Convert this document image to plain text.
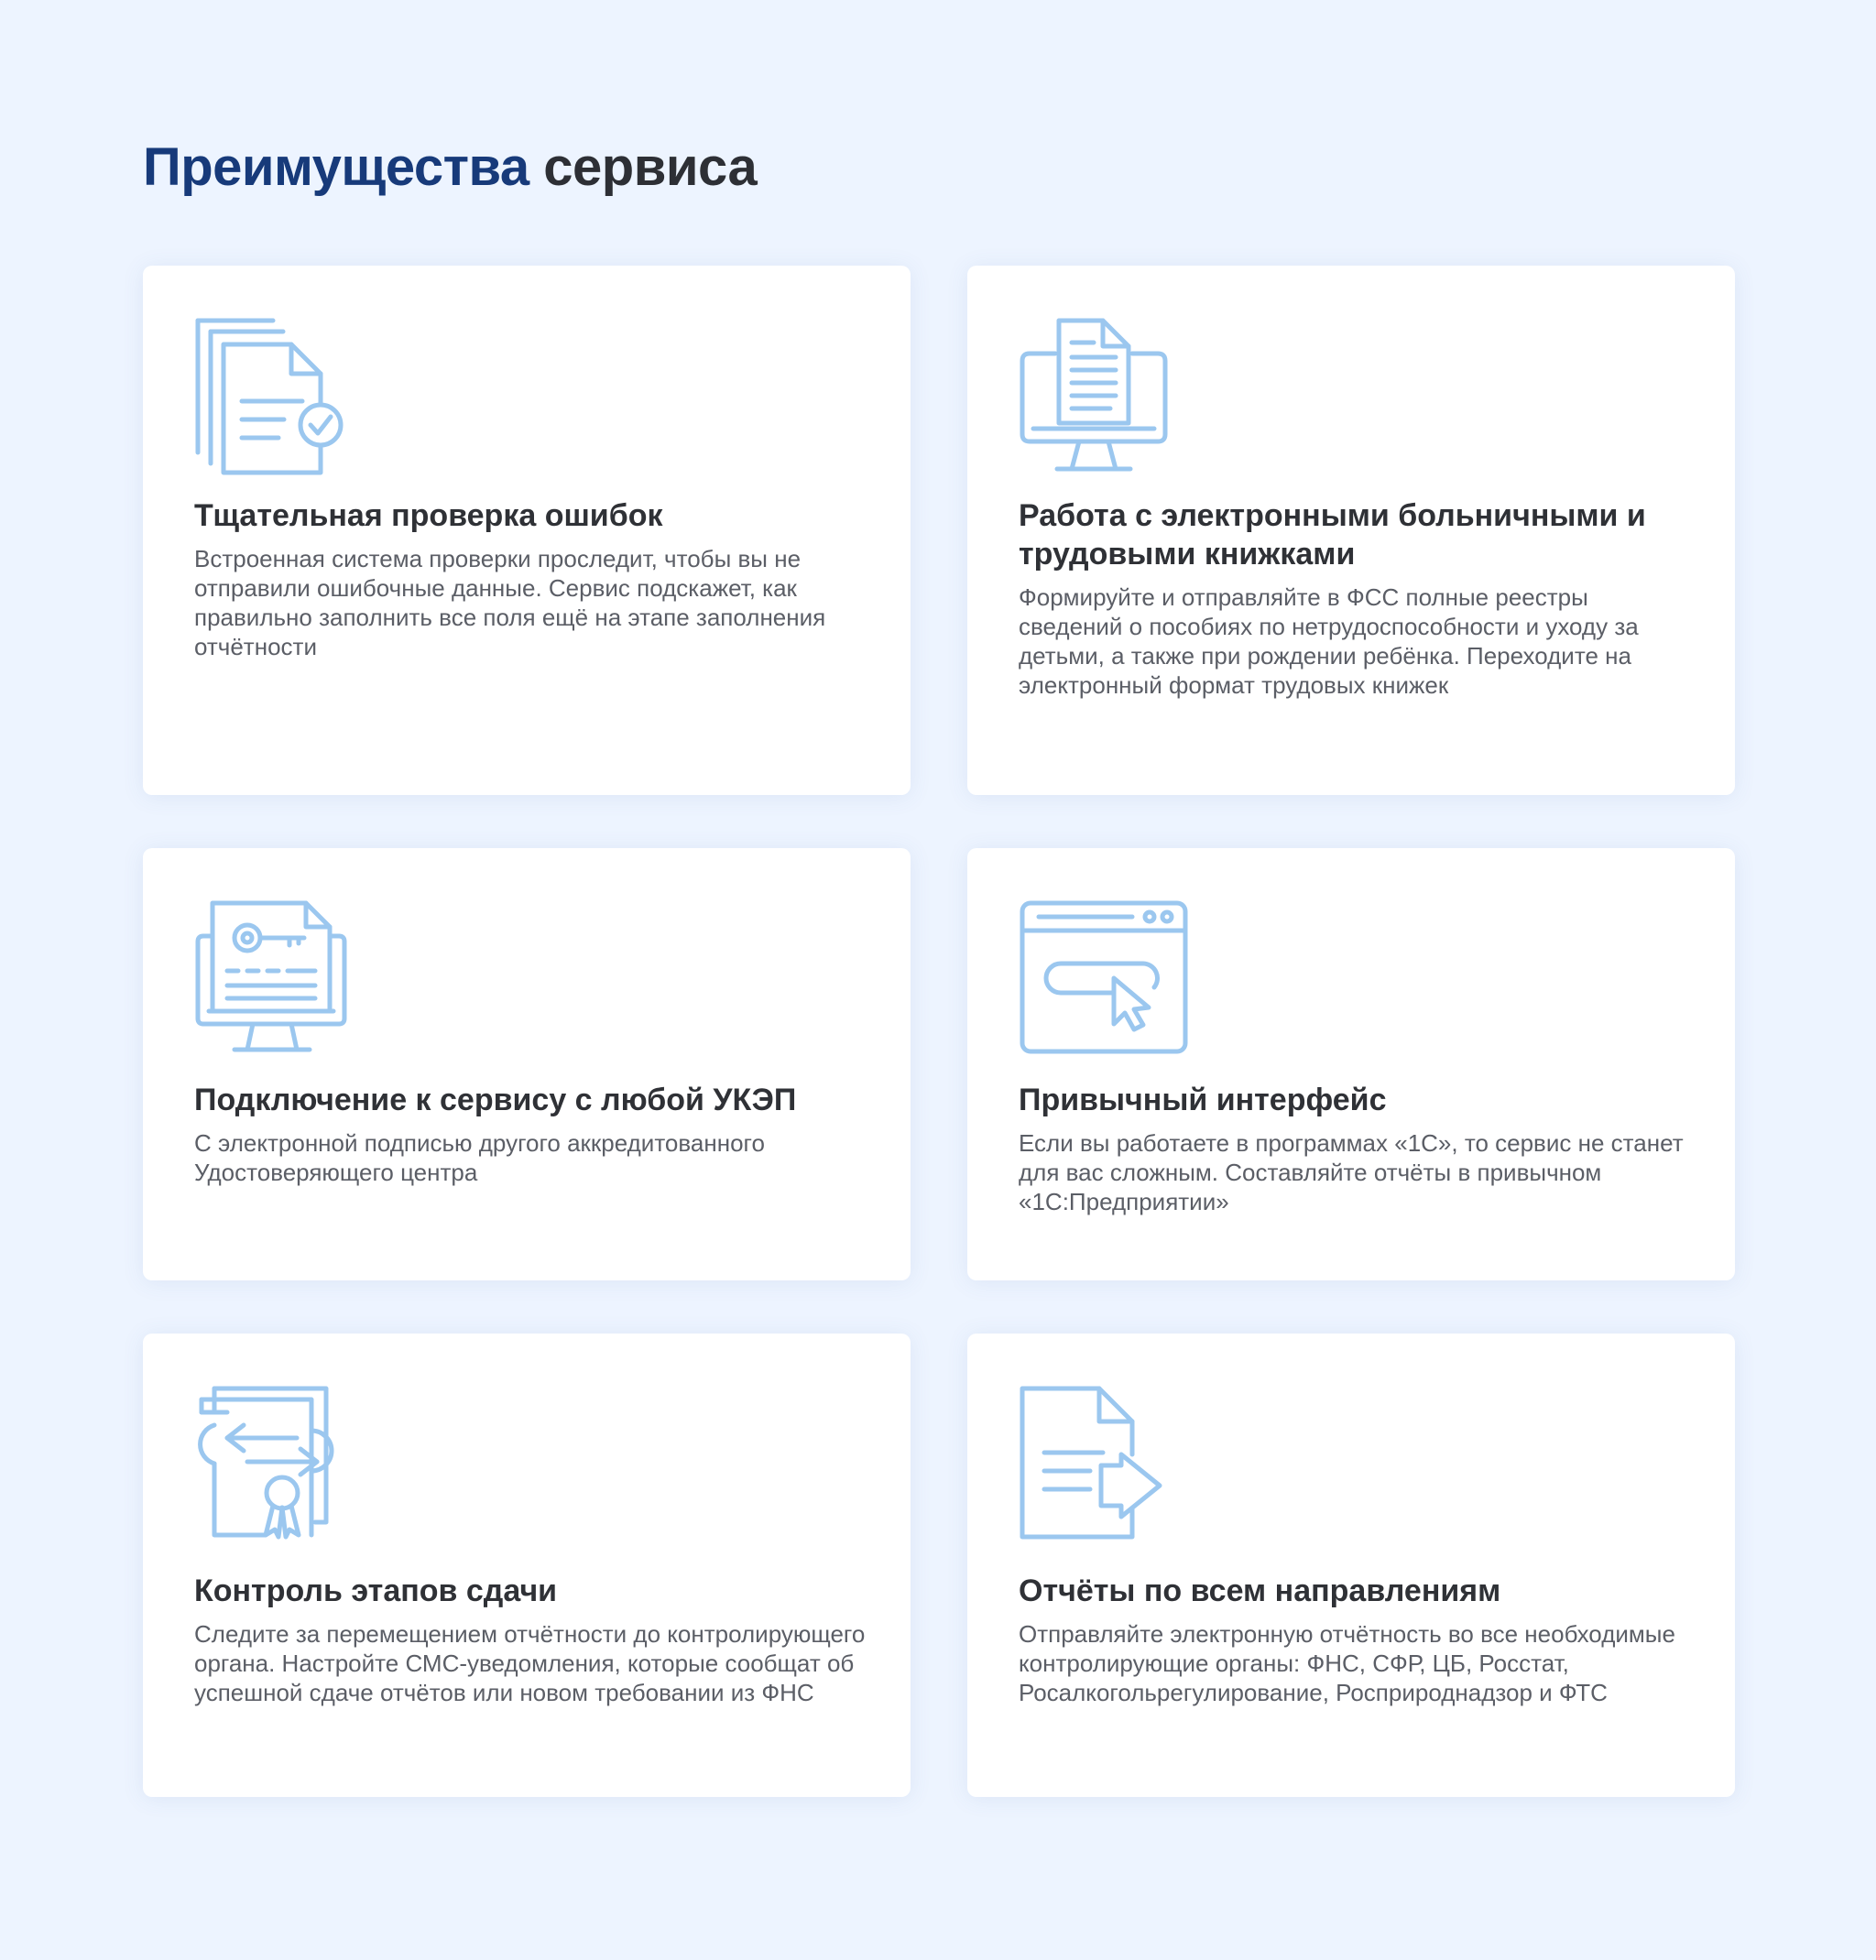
Преимущества сервиса
Тщательная проверка ошибок

Встроенная система проверки проследит, чтобы вы не отправили ошибочные данные. Сервис подскажет, как правильно заполнить все поля ещё на этапе заполнения отчётности

Работа с электронными больничными и трудовыми книжками

Формируйте и отправляйте в ФСС полные реестры сведений о пособиях по нетрудоспособности и уходу за детьми, а также при рождении ребёнка. Переходите на электронный формат трудовых книжек

Подключение к сервису с любой УКЭП

С электронной подписью другого аккредитованного Удостоверяющего центра

Привычный интерфейс

Если вы работаете в программах «1С», то сервис не станет для вас сложным. Составляйте отчёты в привычном «1С:Предприятии»

Контроль этапов сдачи

Следите за перемещением отчётности до контролирующего органа. Настройте СМС-уведомления, которые сообщат об успешной сдаче отчётов или новом требовании из ФНС

Отчёты по всем направлениям

Отправляйте электронную отчётность во все необходимые контролирующие органы: ФНС, СФР, ЦБ, Росстат, Росалкогольрегулирование, Росприроднадзор и ФТС
